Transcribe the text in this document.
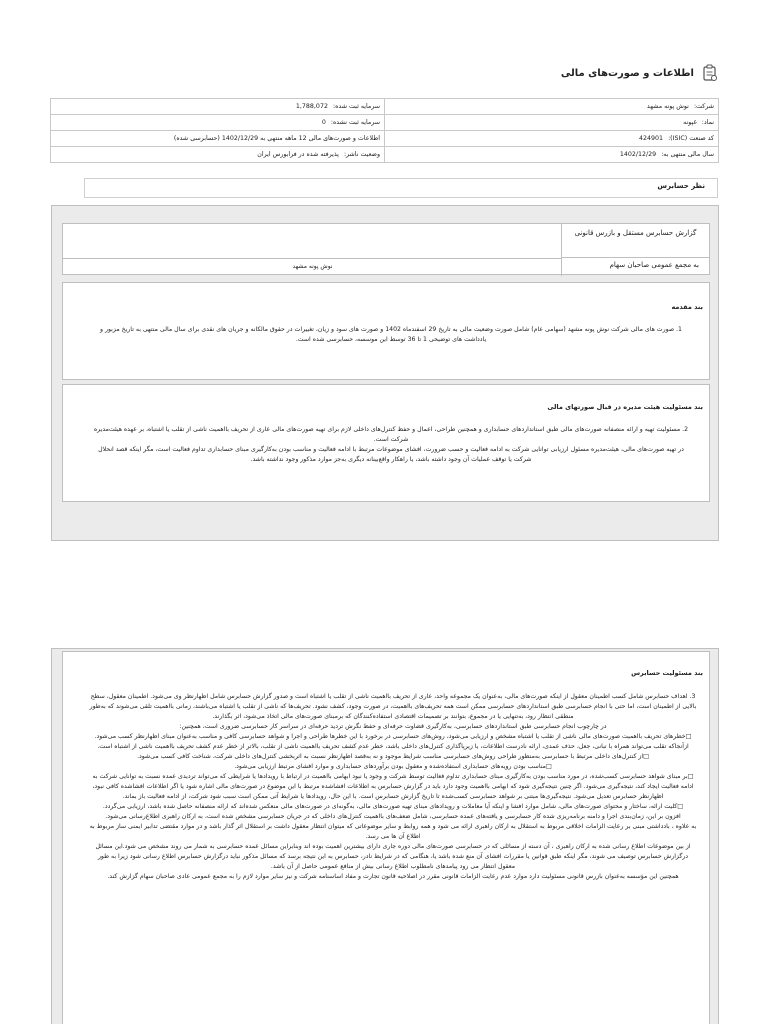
اطلاعات و صورت‌های مالی
شرکت: نوش پونه مشهد	سرمایه ثبت شده: 1,788,072
نماد: غپونه	سرمایه ثبت نشده: 0
کد صنعت (ISIC): 424901	اطلاعات و صورت‌های مالی 12 ماهه منتهی به 1402/12/29 (حسابرسی شده)
سال مالی منتهی به: 1402/12/29	وضعیت ناشر: پذیرفته شده در فرابورس ایران
نظر حسابرس
گزارش حسابرس مستقل و بازرس قانونی
به مجمع عمومی صاحبان سهام
نوش پونه مشهد
بند مقدمه

1. صورت های مالی شرکت نوش پونه مشهد (سهامی عام) شامل صورت وضعیت مالی به تاریخ 29 اسفندماه 1402 و صورت های سود و زیان، تغییرات در حقوق مالکانه و جریان های نقدی برای سال مالی منتهی به تاریخ مزبور و یادداشت های توضیحی 1 تا 36 توسط این موسسه، حسابرسی شده است.

بند مسئولیت هیئت مدیره در قبال صورتهای مالی

2. مسئولیت تهیه و ارائه منصفانه صورت‌های مالی طبق استانداردهای حسابداری و همچنین طراحی، اعمال و حفظ کنترل‌های داخلی لازم برای تهیه صورت‌های مالی عاری از تحریف بااهمیت ناشی از تقلب یا اشتباه، بر عهده هیئت‌مدیره شرکت است.

در تهیه صورت‌های مالی، هیئت‌مدیره مسئول ارزیابی توانایی شرکت به ادامه فعالیت و حسب ضرورت، افشای موضوعات مرتبط با ادامه فعالیت و مناسب بودن به‌کارگیری مبنای حسابداری تداوم فعالیت است، مگر اینکه قصد انحلال شرکت یا توقف عملیات آن وجود داشته باشد، یا راهکار واقع‌بینانه دیگری به‌جز موارد مذکور وجود نداشته باشد.

بند مسئولیت حسابرس

3. اهداف حسابرس شامل کسب اطمینان معقول از اینکه صورت‌های مالی، به‌عنوان یک مجموعه واحد، عاری از تحریف بااهمیت ناشی از تقلب یا اشتباه است و صدور گزارش حسابرس شامل اظهارنظر وی می‌شود. اطمینان معقول، سطح بالایی از اطمینان است، اما حتی با انجام حسابرسی طبق استانداردهای حسابرسی ممکن است همه تحریف‌های بااهمیت، در صورت وجود، کشف نشود. تحریف‌ها که ناشی از تقلب یا اشتباه می‌باشند، زمانی بااهمیت تلقی می‌شوند که به‌طور منطقی انتظار رود، به‌تنهایی یا در مجموع، بتوانند بر تصمیمات اقتصادی استفاده‌کنندگان که برمبنای صورت‌های مالی اتخاذ می‌شود، اثر بگذارند.

در چارچوب انجام حسابرسی طبق استانداردهای حسابرسی، به‌کارگیری قضاوت حرفه‌ای و حفظ نگرش تردید حرفه‌ای در سراسر کار حسابرسی ضروری است، همچنین:

□خطرهای تحریف بااهمیت صورت‌های مالی ناشی از تقلب یا اشتباه مشخص و ارزیابی می‌شود، روش‌های حسابرسی در برخورد با این خطرها طراحی و اجرا و شواهد حسابرسی کافی و مناسب به‌عنوان مبنای اظهارنظر کسب می‌شود. ازآنجاکه تقلب می‌تواند همراه با تبانی، جعل، حذف عمدی، ارائه نادرست اطلاعات، یا زیرپاگذاری کنترل‌های داخلی باشد، خطر عدم کشف تحریف بااهمیت ناشی از تقلب، بالاتر از خطر عدم کشف تحریف بااهمیت ناشی از اشتباه است.

□از کنترل‌های داخلی مرتبط با حسابرسی به‌منظور طراحی روش‌های حسابرسی مناسب شرایط موجود و نه به‌قصد اظهارنظر نسبت به اثربخشی کنترل‌های داخلی شرکت، شناخت کافی کسب می‌شود.

□مناسب بودن رویه‌های حسابداری استفاده‌شده و معقول بودن برآوردهای حسابداری و موارد افشای مرتبط ارزیابی می‌شود.

□بر مبنای شواهد حسابرسی کسب‌شده، در مورد مناسب بودن به‌کارگیری مبنای حسابداری تداوم فعالیت توسط شرکت و وجود یا نبود ابهامی بااهمیت در ارتباط با رویدادها یا شرایطی که می‌تواند تردیدی عمده نسبت به توانایی شرکت به ادامه فعالیت ایجاد کند، نتیجه‌گیری می‌شود. اگر چنین نتیجه‌گیری شود که ابهامی بااهمیت وجود دارد باید در گزارش حسابرس به اطلاعات افشاشده مرتبط با این موضوع در صورت‌های مالی اشاره شود یا اگر اطلاعات افشاشده کافی نبود، اظهارنظر حسابرس تعدیل می‌شود. نتیجه‌گیری‌ها مبتنی بر شواهد حسابرسی کسب‌شده تا تاریخ گزارش حسابرس است. با این حال، رویدادها یا شرایط آتی ممکن است سبب شود شرکت، از ادامه فعالیت باز بماند.

□کلیت ارائه، ساختار و محتوای صورت‌های مالی، شامل موارد افشا و اینکه آیا معاملات و رویدادهای مبنای تهیه صورت‌های مالی، به‌گونه‌ای در صورت‌های مالی منعکس شده‌اند که ارائه منصفانه حاصل شده باشد، ارزیابی می‌گردد.

افزون بر این، زمان‌بندی اجرا و دامنه برنامه‌ریزی شده کار حسابرسی و یافته‌های عمده حسابرسی، شامل ضعف‌های بااهمیت کنترل‌های داخلی که در جریان حسابرسی مشخص شده است، به ارکان راهبری اطلاع‌رسانی می‌شود.

به علاوه ، بادداشتی مبنی بر رعایت الزامات اخلاقی مربوط به استقلال به ارکان راهبری ارائه می شود و همه روابط و سایر موضوعاتی که میتوان انتظار معقول داشت بر استقلال اثر گذار باشد و در موارد مقتضی تدابیر ایمنی ساز مربوط به اطلاع آن ها می رسد.

از بین موضوعات اطلاع رسانی شده به ارکان راهبری ، آن دسته از مسائلی که در حسابرسی صورت‌های مالی دوره جاری دارای بیشترین اهمیت بوده اند وبنابراین مسائل عمده حسابرسی به شمار می روند مشخص می شود.این مسائل درگزارش حسابرس توصیف می شوند، مگر اینکه طبق قوانین یا مقررات افشای آن منع شده باشد یا، هنگامی که در شرایط نادر، حسابرس به این نتیجه برسد که مسائل مذکور نباید درگزارش حسابرس اطلاع رسانی شود زیرا به طور معقول انتظار می رود پیامدهای نامطلوب اطلاع رسانی بیش از منافع عمومی حاصل از آن باشد.

همچنین این مؤسسه به‌عنوان بازرس قانونی مسئولیت دارد موارد عدم رعایت الزامات قانونی مقرر در اصلاحیه قانون تجارت و مفاد اساسنامه شرکت و نیز سایر موارد لازم را به مجمع عمومی عادی صاحبان سهام گزارش کند.
